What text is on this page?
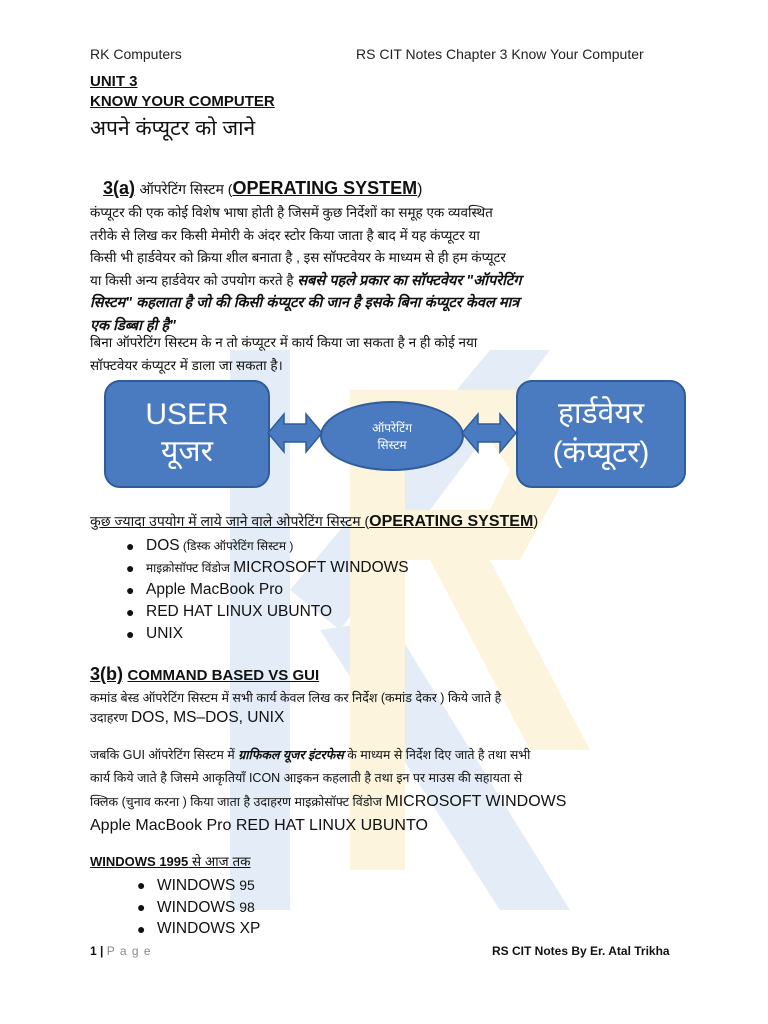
RK Computers	RS CIT Notes Chapter 3 Know Your Computer
UNIT 3
KNOW YOUR COMPUTER
अपने कंप्यूटर को जाने
3(a) ऑपरेटिंग सिस्टम (OPERATING SYSTEM)
कंप्यूटर की एक कोई विशेष भाषा होती है जिसमें कुछ निर्देशों का समूह एक व्यवस्थित
तरीके से लिख कर किसी मेमोरी के अंदर स्टोर किया जाता है बाद में यह कंप्यूटर या
किसी भी हार्डवेयर को क्रिया शील बनाता है , इस सॉफ्टवेयर के माध्यम से ही हम कंप्यूटर
या किसी अन्य हार्डवेयर को उपयोग करते है सबसे पहले प्रकार का सॉफ्टवेयर "ऑपरेटिंग
सिस्टम" कहलाता है जो की किसी कंप्यूटर की जान है इसके बिना कंप्यूटर केवल मात्र
एक डिब्बा ही है"
बिना ऑपरेटिंग सिस्टम के न तो कंप्यूटर में कार्य किया जा सकता है न ही कोई नया
सॉफ्टवेयर कंप्यूटर में डाला जा सकता है।
USER
यूजर
ऑपरेटिंग
सिस्टम
हार्डवेयर
(कंप्यूटर)
कुछ ज्यादा उपयोग में लाये जाने वाले ओपरेटिंग सिस्टम (OPERATING SYSTEM)
● DOS (डिस्क ऑपरेटिंग सिस्टम )
● माइक्रोसॉफ्ट विंडोज MICROSOFT WINDOWS
● Apple MacBook Pro
● RED HAT LINUX UBUNTO
● UNIX
3(b) COMMAND BASED VS GUI
कमांड बेस्ड ऑपरेटिंग सिस्टम में सभी कार्य केवल लिख कर निर्देश (कमांड देकर ) किये जाते है
उदाहरण DOS, MS–DOS, UNIX
जबकि GUI ऑपरेटिंग सिस्टम में ग्राफिकल यूजर इंटरफेस के माध्यम से निर्देश दिए जाते है तथा सभी
कार्य किये जाते है जिसमे आकृतियाँ ICON आइकन कहलाती है तथा इन पर माउस की सहायता से
क्लिक (चुनाव करना ) किया जाता है उदाहरण माइक्रोसॉफ्ट विंडोज MICROSOFT WINDOWS
Apple MacBook Pro RED HAT LINUX UBUNTO
WINDOWS 1995 से आज तक
● WINDOWS 95
● WINDOWS 98
● WINDOWS XP
1 | P a g e	RS CIT Notes By Er. Atal Trikha
